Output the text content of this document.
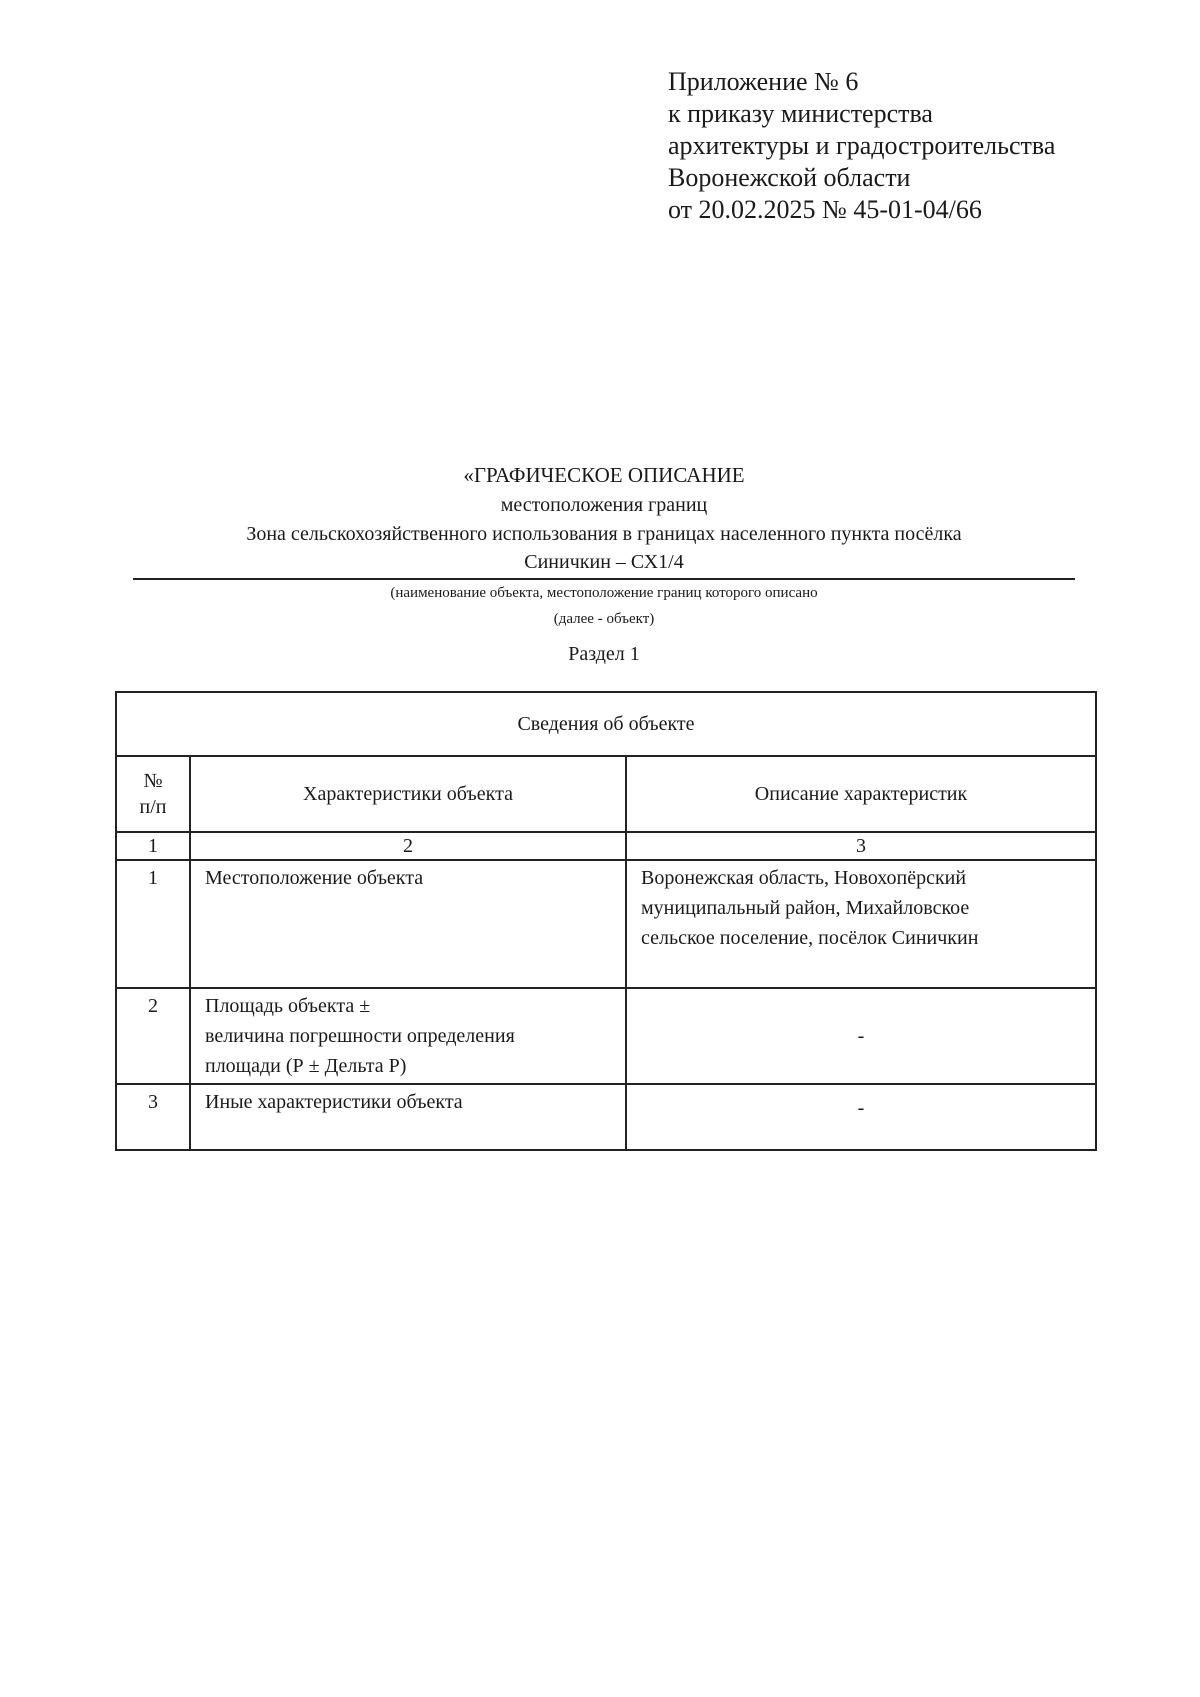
Приложение № 6
к приказу министерства
архитектуры и градостроительства
Воронежской области
от 20.02.2025 № 45-01-04/66
«ГРАФИЧЕСКОЕ ОПИСАНИЕ
местоположения границ
Зона сельскохозяйственного использования в границах населенного пункта посёлка
Синичкин – СХ1/4
(наименование объекта, местоположение границ которого описано
(далее - объект)
Раздел 1
Сведения об объекте		

№
п/п	Характеристики объекта	Описание характеристик
1	2	3
1	Местоположение объекта	Воронежская область, Новохопёрский
муниципальный район, Михайловское
сельское поселение, посёлок Синичкин

2	Площадь объекта ±
величина погрешности определения
площади (Р ± Дельта Р)	-
3	Иные характеристики объекта	-
